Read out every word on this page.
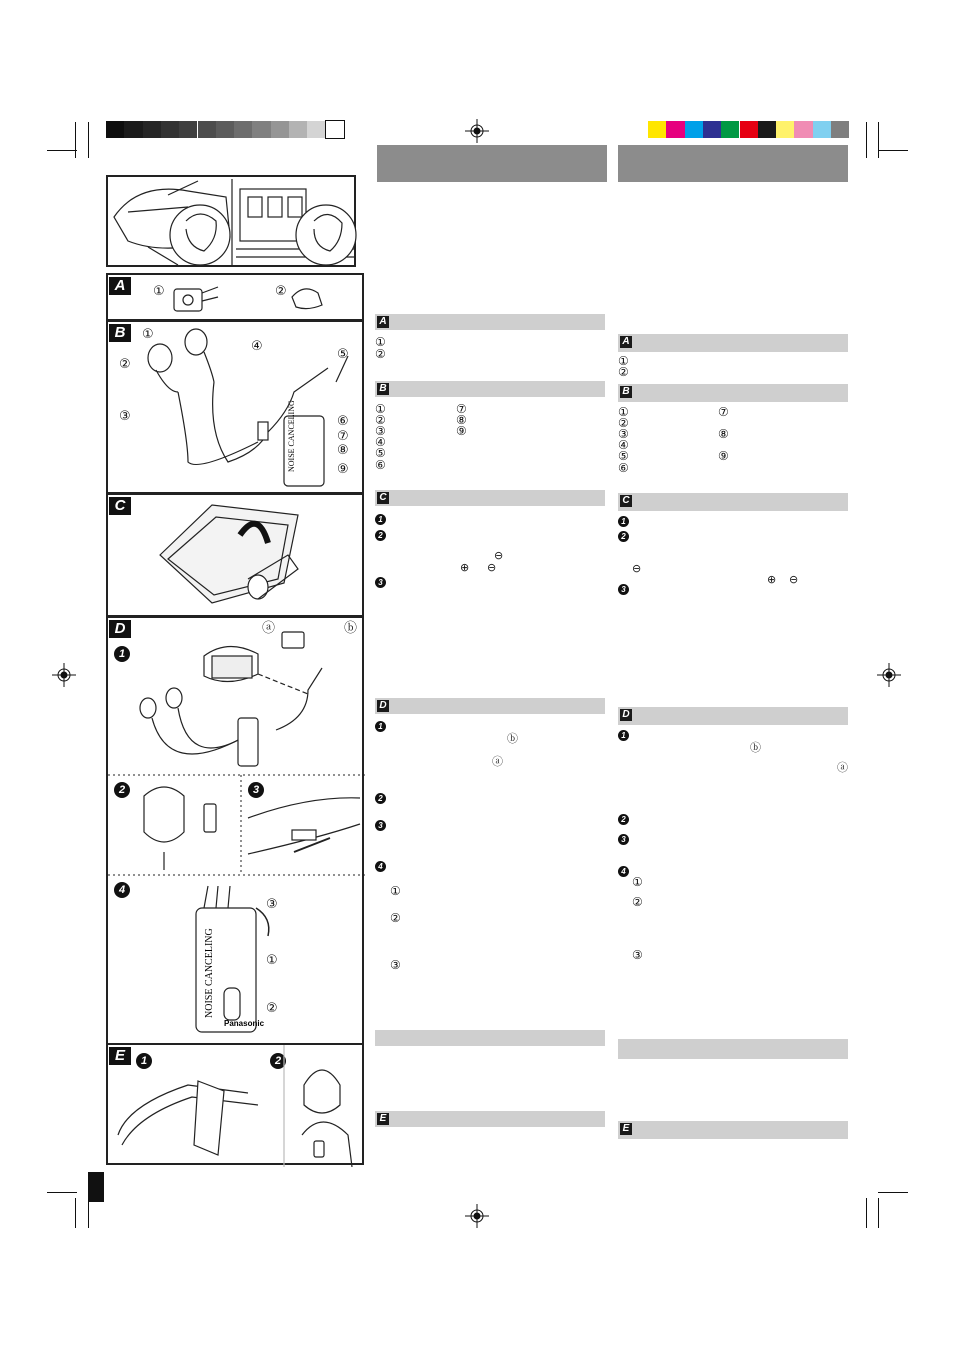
A	①	②
B	①
②
③
④
⑤
⑥
⑦
⑧
⑨
NOISE CANCELING
C
D
1
ⓐ	ⓑ
2	3
4
③
①
②
NOISE CANCELING
Panasonic
E	1	2
A
①
②
B
①
②
③
④
⑤
⑥
⑦
⑧
⑨
C
1
2
⊖
⊕ ⊖
3
D
1
ⓑ
ⓐ
2
3
4
①
②
③
E
A
①
②
B
①
②
③
④
⑤
⑥
⑦
⑧
⑨
C
1
2
⊖
⊕ ⊖
3
D
1
ⓑ
ⓐ
2
3
4
①
②
③
E
